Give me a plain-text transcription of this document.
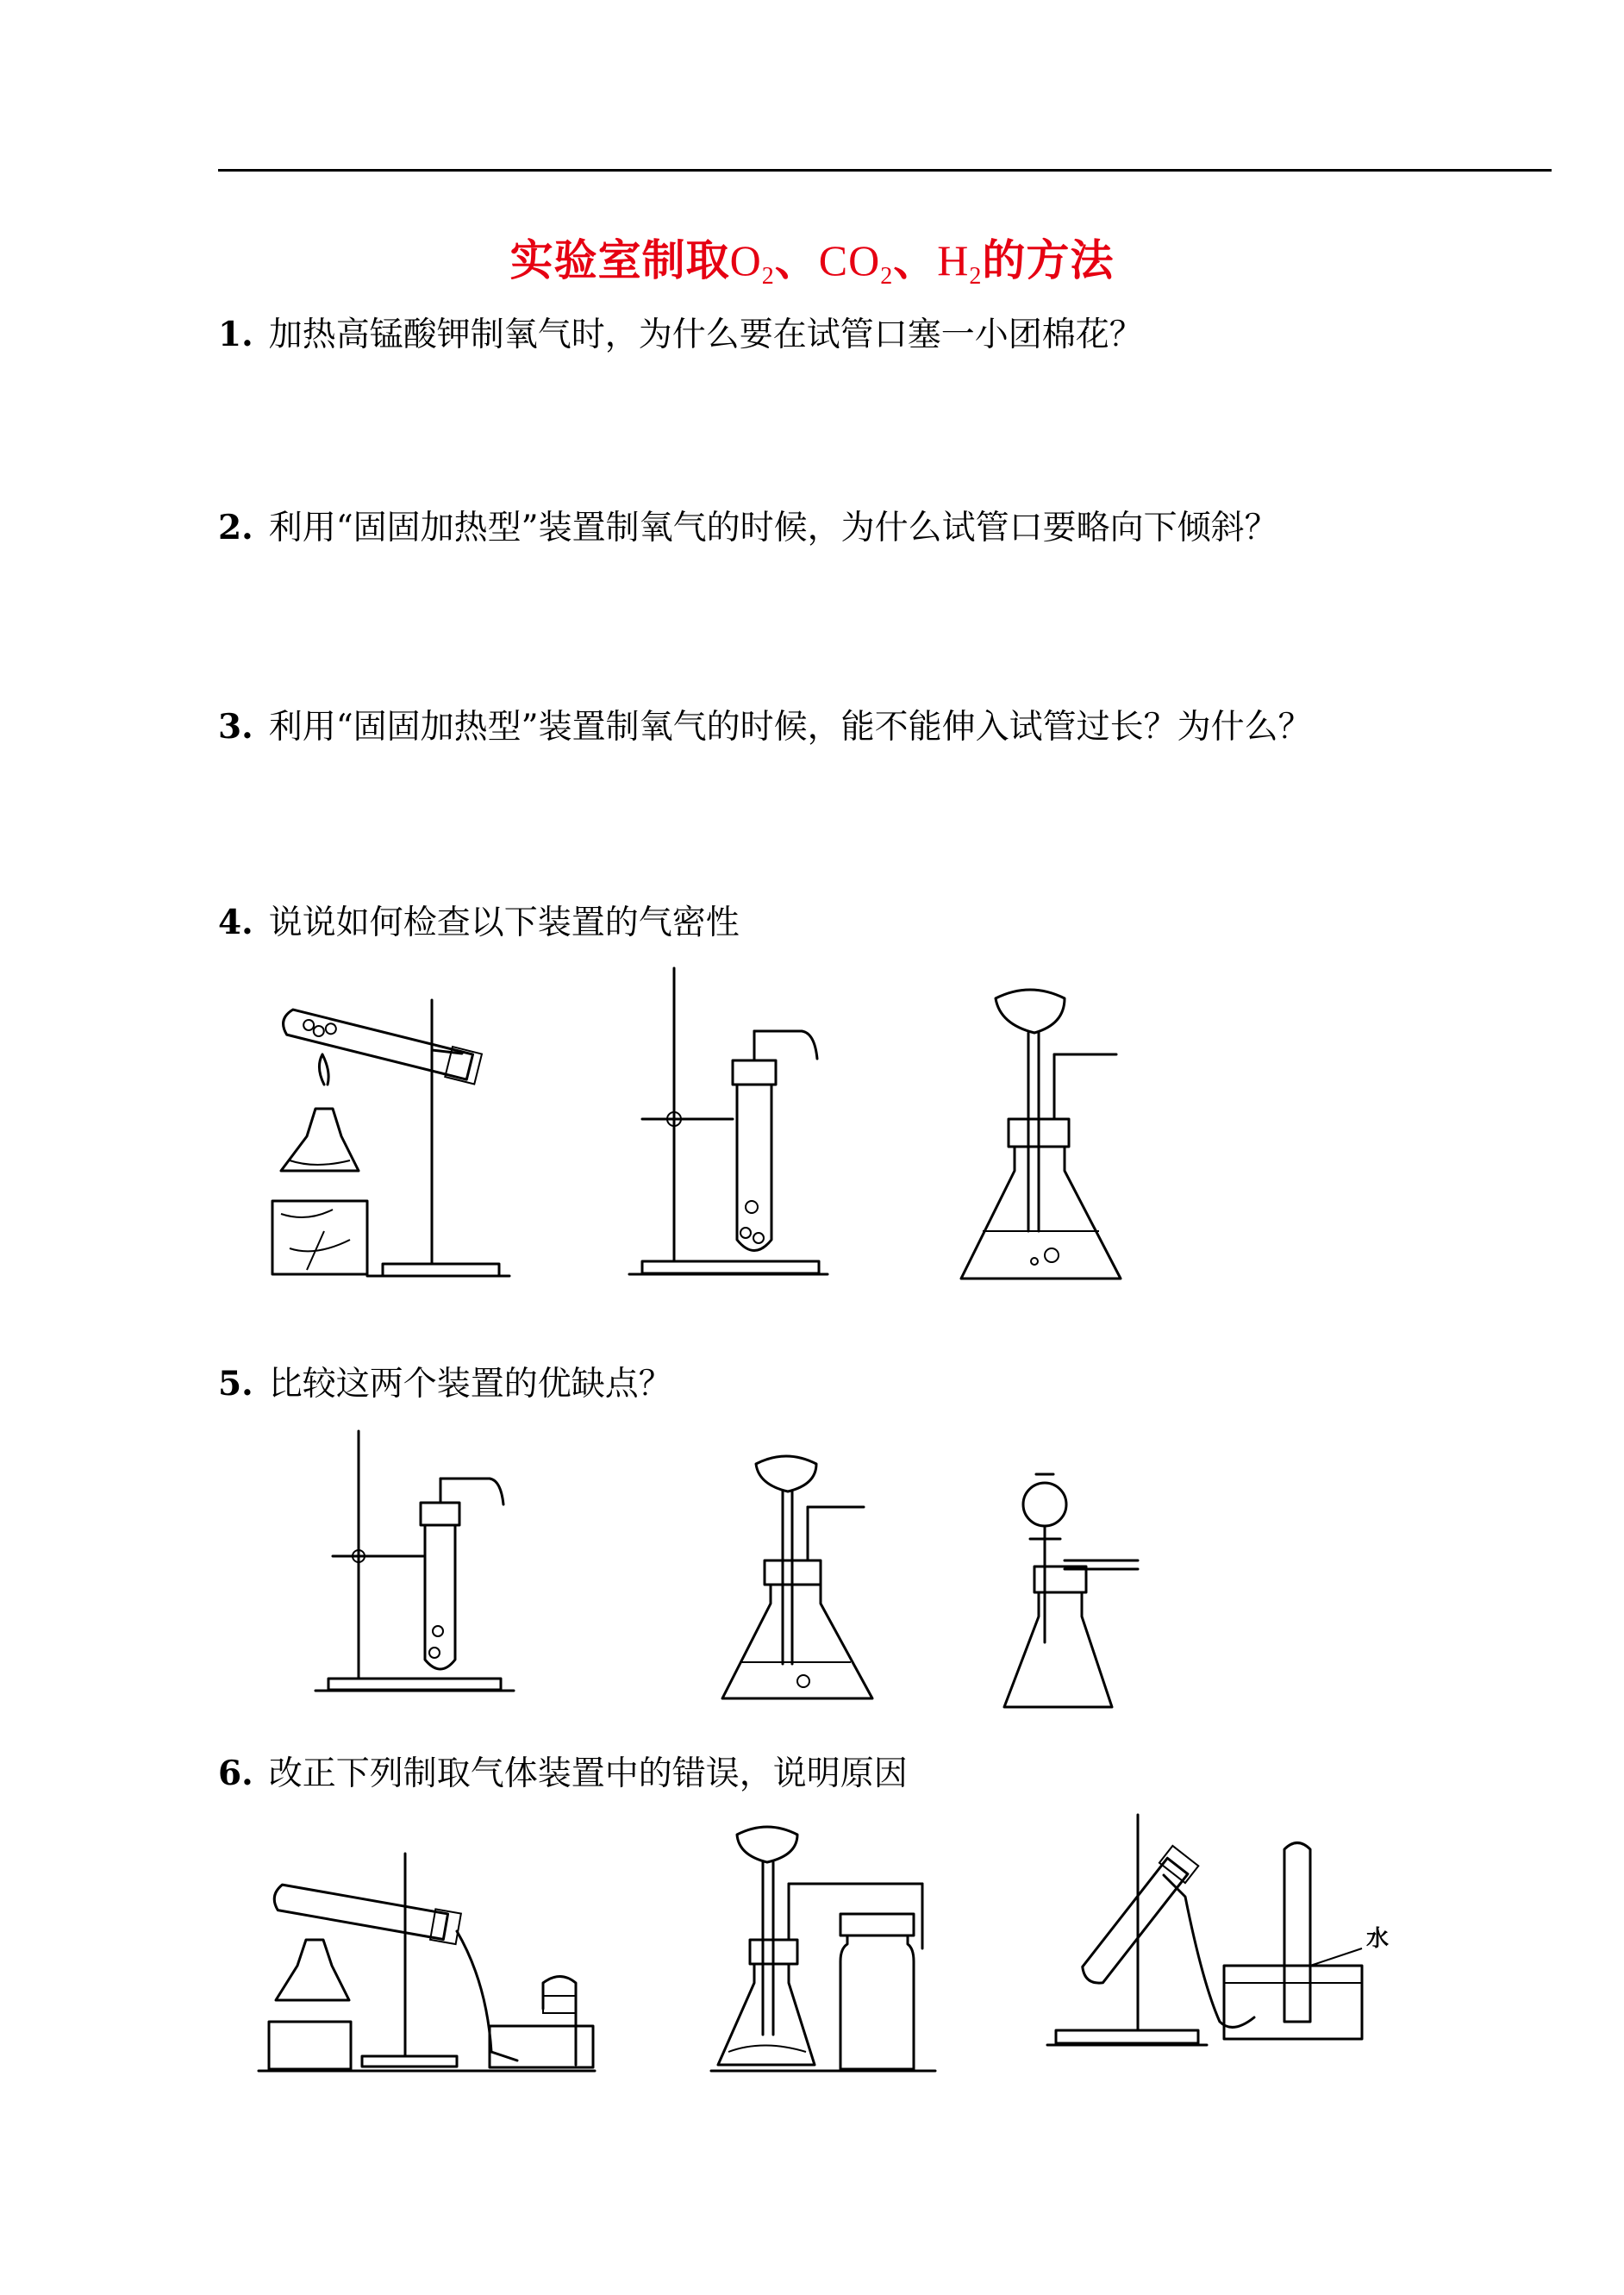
实验室制取$O_2$、$CO_2$、$H_2$的方法
1. 加热高锰酸钾制氧气时，为什么要在试管口塞一小团棉花？
2. 利用“固固加热型”装置制氧气的时候，为什么试管口要略向下倾斜？
3. 利用“固固加热型”装置制氧气的时候，能不能伸入试管过长？为什么？
4. 说说如何检查以下装置的气密性
5. 比较这两个装置的优缺点？
6. 改正下列制取气体装置中的错误，说明原因
水
